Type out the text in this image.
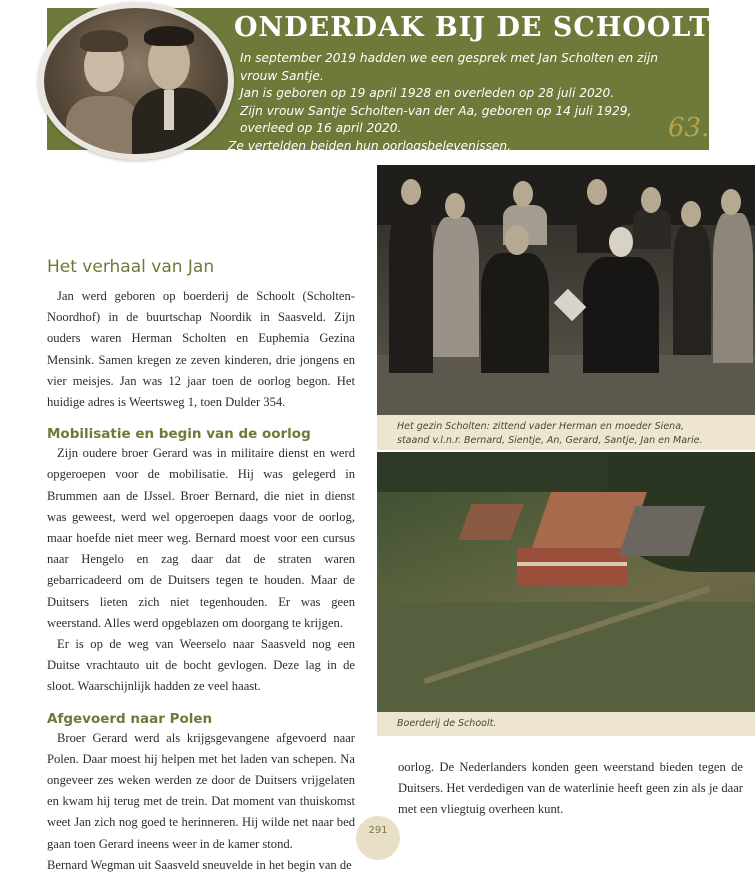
ONDERDAK BIJ DE SCHOOLT

In september 2019 hadden we een gesprek met Jan Scholten en zijn vrouw Santje.

Jan is geboren op 19 april 1928 en overleden op 28 juli 2020.

Zijn vrouw Santje Scholten-van der Aa, geboren op 14 juli 1929, overleed op 16 april 2020.

Ze vertelden beiden hun oorlogsbelevenissen.

63.
Het verhaal van Jan

Jan werd geboren op boerderij de Schoolt (Scholten-Noordhof) in de buurtschap Noordik in Saasveld. Zijn ouders waren Herman Scholten en Euphemia Gezina Mensink. Samen kregen ze zeven kinderen, drie jongens en vier meisjes. Jan was 12 jaar toen de oorlog begon. Het huidige adres is Weertsweg 1, toen Dulder 354.

Mobilisatie en begin van de oorlog

Zijn oudere broer Gerard was in militaire dienst en werd opgeroepen voor de mobilisatie. Hij was gelegerd in Brummen aan de IJssel. Broer Bernard, die niet in dienst was geweest, werd wel opgeroepen daags voor de oorlog, maar hoefde niet meer weg. Bernard moest voor een cursus naar Hengelo en zag daar dat de straten waren gebarricadeerd om de Duitsers tegen te houden. Maar de Duitsers lieten zich niet tegenhouden. Er was geen weerstand. Alles werd opgeblazen om doorgang te krijgen.

Er is op de weg van Weerselo naar Saasveld nog een Duitse vrachtauto uit de bocht gevlogen. Deze lag in de sloot. Waarschijnlijk hadden ze veel haast.

Afgevoerd naar Polen

Broer Gerard werd als krijgsgevangene afgevoerd naar Polen. Daar moest hij helpen met het laden van schepen. Na ongeveer zes weken werden ze door de Duitsers vrijgelaten en kwam hij terug met de trein. Dat moment van thuiskomst weet Jan zich nog goed te herinneren. Hij wilde net naar bed gaan toen Gerard ineens weer in de kamer stond.

Bernard Wegman uit Saasveld sneuvelde in het begin van de

Het gezin Scholten: zittend vader Herman en moeder Siena,
staand v.l.n.r. Bernard, Sientje, An, Gerard, Santje, Jan en Marie.
Boerderij de Schoolt.

oorlog. De Nederlanders konden geen weerstand bieden tegen de Duitsers. Het verdedigen van de waterlinie heeft geen zin als je daar met een vliegtuig overheen kunt.

291
